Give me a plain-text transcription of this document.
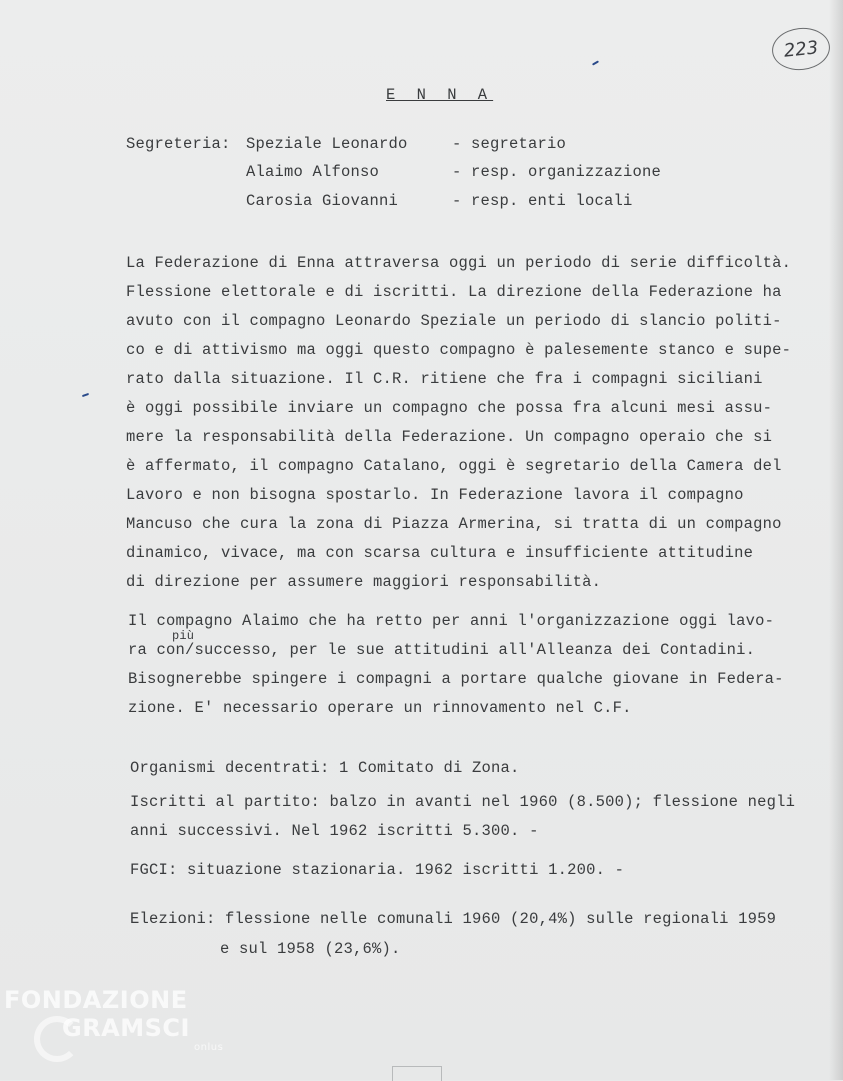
223
E N N A
Segreteria: Speziale Leonardo	- segretario
Alaimo Alfonso	- resp. organizzazione
Carosia Giovanni	- resp. enti locali
La Federazione di Enna attraversa oggi un periodo di serie difficoltà.
Flessione elettorale e di iscritti. La direzione della Federazione ha
avuto con il compagno Leonardo Speziale un periodo di slancio politi-
co e di attivismo ma oggi questo compagno è palesemente stanco e supe-
rato dalla situazione. Il C.R. ritiene che fra i compagni siciliani
è oggi possibile inviare un compagno che possa fra alcuni mesi assu-
mere la responsabilità della Federazione. Un compagno operaio che si
è affermato, il compagno Catalano, oggi è segretario della Camera del
Lavoro e non bisogna spostarlo. In Federazione lavora il compagno
Mancuso che cura la zona di Piazza Armerina, si tratta di un compagno
dinamico, vivace, ma con scarsa cultura e insufficiente attitudine
di direzione per assumere maggiori responsabilità.
Il compagno Alaimo che ha retto per anni l'organizzazione oggi lavo-
più
ra con/successo, per le sue attitudini all'Alleanza dei Contadini.
Bisognerebbe spingere i compagni a portare qualche giovane in Federa-
zione. E' necessario operare un rinnovamento nel C.F.
Organismi decentrati: 1 Comitato di Zona.
Iscritti al partito: balzo in avanti nel 1960 (8.500); flessione negli
anni successivi. Nel 1962 iscritti 5.300. -
FGCI: situazione stazionaria. 1962 iscritti 1.200. -
Elezioni: flessione nelle comunali 1960 (20,4%) sulle regionali 1959
e sul 1958 (23,6%).
FONDAZIONE
GRAMSCI
onlus
